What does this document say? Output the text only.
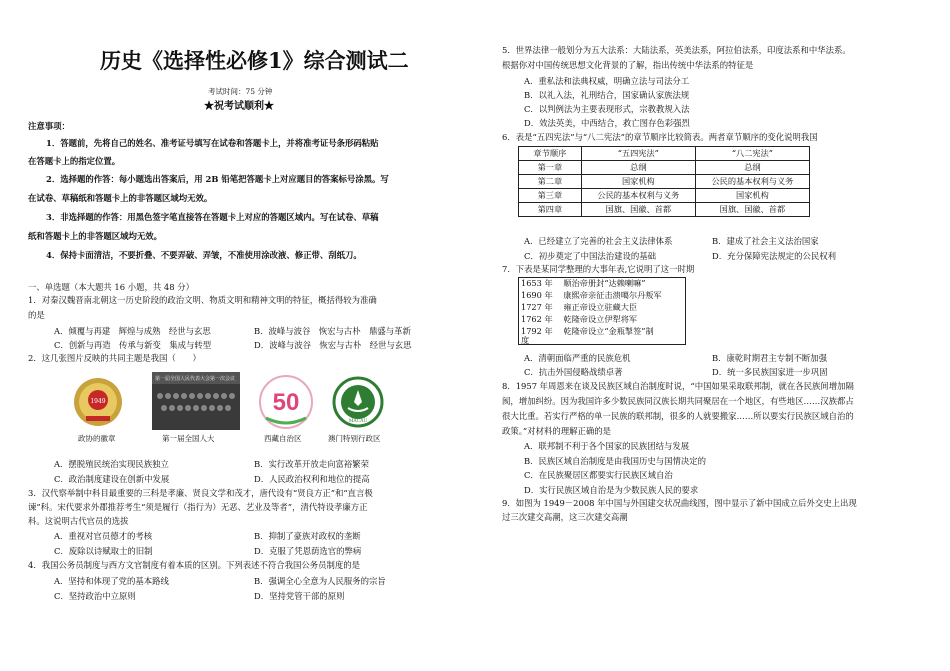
历史《选择性必修1》综合测试二
考试时间：75 分钟
★祝考试顺利★
注意事项：
1．答题前，先将自己的姓名、准考证号填写在试卷和答题卡上，并将准考证号条形码粘贴
在答题卡上的指定位置。
2．选择题的作答：每小题选出答案后，用 2B 铅笔把答题卡上对应题目的答案标号涂黑。写
在试卷、草稿纸和答题卡上的非答题区域均无效。
3．非选择题的作答：用黑色签字笔直接答在答题卡上对应的答题区域内。写在试卷、草稿
纸和答题卡上的非答题区域均无效。
4．保持卡面清洁，不要折叠、不要弄破、弄皱，不准使用涂改液、修正带、刮纸刀。
一、单选题（本大题共 16 小题，共 48 分）
1．对秦汉魏晋南北朝这一历史阶段的政治文明、物质文明和精神文明的特征，概括得较为准确
的是
A．倾覆与再建　辉煌与成熟　经世与玄思	B．波峰与波谷　恢宏与古朴　鼎盛与革新
C．创新与再造　传承与新变　集成与转型	D．波峰与波谷　恢宏与古朴　经世与玄思
2．这几张图片反映的共同主题是我国（　　）
1949
第一届全国人民代表大会第一次会议
50
MACAU
政协的徽章	第一届全国人大	西藏自治区	澳门特别行政区
A．摆脱殖民统治实现民族独立	B．实行改革开放走向富裕繁荣
C．政治制度建设在创新中发展	D．人民政治权利和地位的提高
3．汉代察举制中科目最重要的三科是孝廉、贤良文学和茂才，唐代设有“贤良方正”和“直言极
谏”科。宋代要求外郡推荐考生“须是履行（指行为）无恶、艺业及等者”，清代特设孝廉方正
科。这说明古代官员的选拔
A．重视对官员德才的考核	B．抑制了豪族对政权的垄断
C．废除以诗赋取士的旧制	D．克服了凭恩荫选官的弊病
4．我国公务员制度与西方文官制度有着本质的区别。下列表述不符合我国公务员制度的是
A．坚持和体现了党的基本路线	B．强调全心全意为人民服务的宗旨
C．坚持政治中立原则	D．坚持党管干部的原则
5．世界法律一般划分为五大法系：大陆法系，英美法系，阿拉伯法系，印度法系和中华法系。
根据你对中国传统思想文化背景的了解，指出传统中华法系的特征是
A．重私法和法典权威，明确立法与司法分工
B．以礼入法，礼刑结合，国家确认家族法规
C．以判例法为主要表现形式，宗教教规入法
D．效法英美，中西结合，救亡图存色彩强烈
6．表是“五四宪法”与“八二宪法”的章节顺序比较简表。两者章节顺序的变化说明我国
章节顺序	“五四宪法”	“八二宪法”
第一章	总纲	总纲
第二章	国家机构	公民的基本权利与义务
第三章	公民的基本权利与义务	国家机构
第四章	国旗、国徽、首都	国旗、国徽、首都
A．已经建立了完善的社会主义法律体系	B．建成了社会主义法治国家
C．初步奠定了中国法治建设的基础	D．充分保障宪法规定的公民权利
7．下表是某同学整理的大事年表,它说明了这一时期
1653 年　 顺治帝册封“达赖喇嘛”
1690 年　 康熙帝亲征击溃噶尔丹叛军
1727 年　 雍正帝设立驻藏大臣
1762 年　 乾隆帝设立伊犁将军
1792 年　 乾隆帝设立“金瓶掣签”制
度
A．清朝面临严重的民族危机	B．康乾时期君主专制不断加强
C．抗击外国侵略战绩卓著	D．统一多民族国家进一步巩固
8．1957 年周恩来在谈及民族区域自治制度时说，“中国如果采取联邦制，就在各民族间增加隔
阂，增加纠纷。因为我国许多少数民族同汉族长期共同聚居在一个地区，有些地区……汉族都占
很大比重。若实行严格的单一民族的联邦制，很多的人就要搬家……所以要实行民族区域自治的
政策。”对材料的理解正确的是
A．联邦制不利于各个国家的民族团结与发展
B．民族区域自治制度是由我国历史与国情决定的
C．在民族聚居区都要实行民族区域自治
D．实行民族区域自治是为少数民族人民的要求
9．如图为 1949－2008 年中国与外国建交状况曲线图，图中显示了新中国成立后外交史上出现
过三次建交高潮，这三次建交高潮
